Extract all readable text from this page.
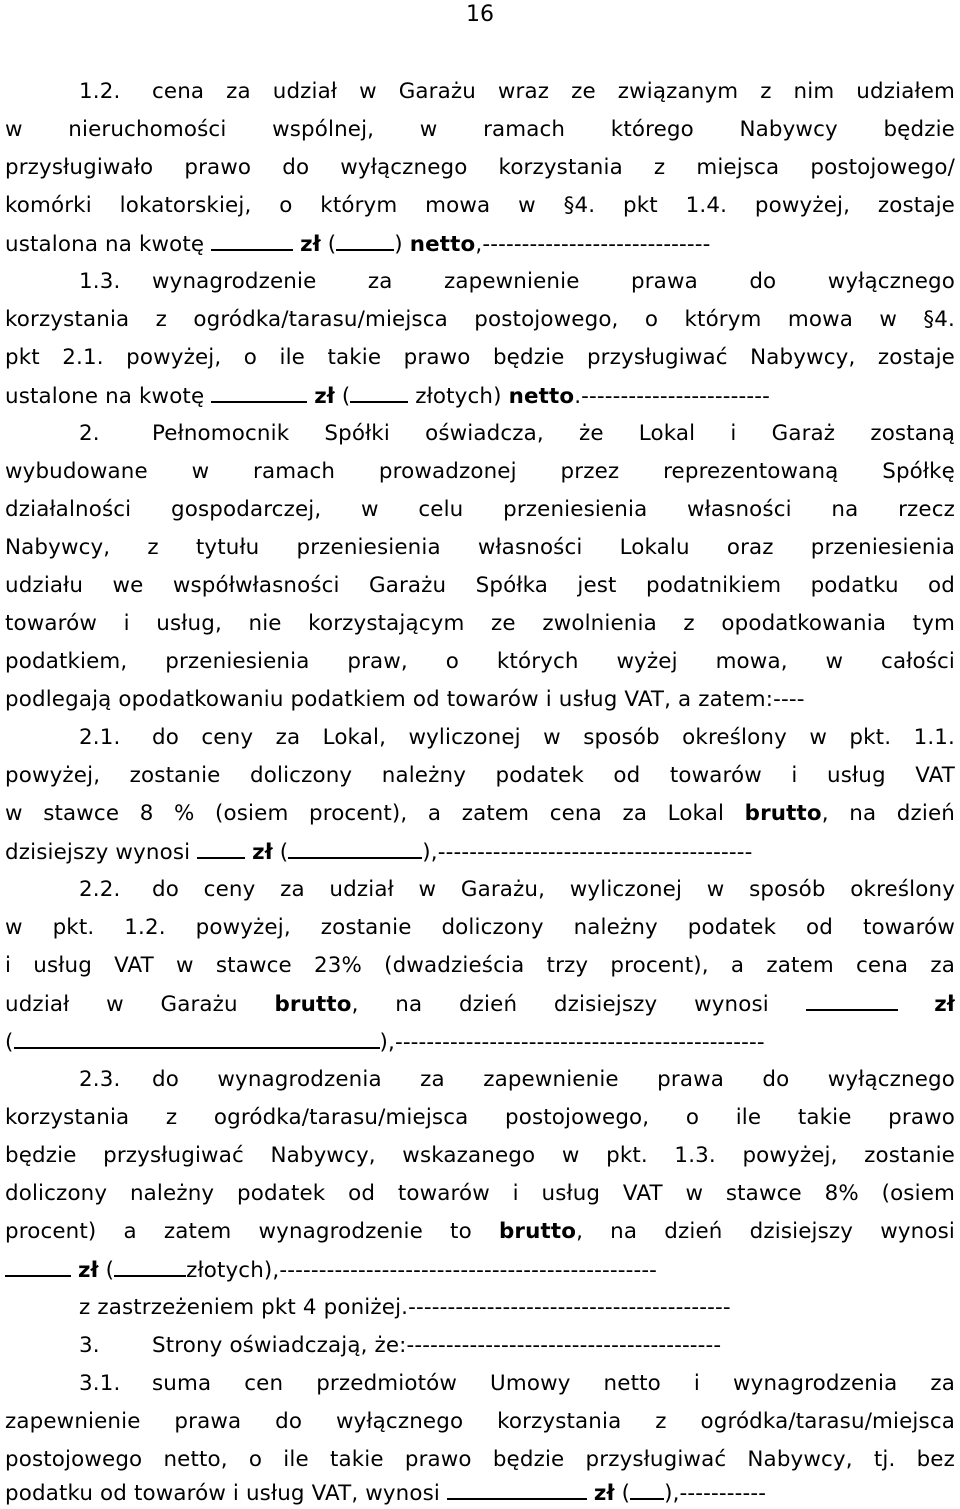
16
1.2. cena za udział w Garażu wraz ze związanym z nim udziałem
w nieruchomości wspólnej, w ramach którego Nabywcy będzie
przysługiwało prawo do wyłącznego korzystania z miejsca postojowego/
komórki lokatorskiej, o którym mowa w §4. pkt 1.4. powyżej, zostaje
ustalona na kwotę	zł (	) netto,-----------------------------
1.3. wynagrodzenie za zapewnienie prawa do wyłącznego
korzystania z ogródka/tarasu/miejsca postojowego, o którym mowa w §4.
pkt 2.1. powyżej, o ile takie prawo będzie przysługiwać Nabywcy, zostaje
ustalone na kwotę	zł (	złotych) netto.------------------------
2. Pełnomocnik Spółki oświadcza, że Lokal i Garaż zostaną
wybudowane w ramach prowadzonej przez reprezentowaną Spółkę
działalności gospodarczej, w celu przeniesienia własności na rzecz
Nabywcy, z tytułu przeniesienia własności Lokalu oraz przeniesienia
udziału we współwłasności Garażu Spółka jest podatnikiem podatku od
towarów i usług, nie korzystającym ze zwolnienia z opodatkowania tym
podatkiem, przeniesienia praw, o których wyżej mowa, w całości
podlegają opodatkowaniu podatkiem od towarów i usług VAT, a zatem:----
2.1. do ceny za Lokal, wyliczonej w sposób określony w pkt. 1.1.
powyżej, zostanie doliczony należny podatek od towarów i usług VAT
w stawce 8 % (osiem procent), a zatem cena za Lokal brutto, na dzień
dzisiejszy wynosi	zł (	),----------------------------------------
2.2. do ceny za udział w Garażu, wyliczonej w sposób określony
w pkt. 1.2. powyżej, zostanie doliczony należny podatek od towarów
i usług VAT w stawce 23% (dwadzieścia trzy procent), a zatem cena za
udział w Garażu brutto, na dzień dzisiejszy wynosi	zł
(	),-----------------------------------------------
2.3. do wynagrodzenia za zapewnienie prawa do wyłącznego
korzystania z ogródka/tarasu/miejsca postojowego, o ile takie prawo
będzie przysługiwać Nabywcy, wskazanego w pkt. 1.3. powyżej, zostanie
doliczony należny podatek od towarów i usług VAT w stawce 8% (osiem
procent) a zatem wynagrodzenie to brutto, na dzień dzisiejszy wynosi
zł (	złotych),------------------------------------------------
z zastrzeżeniem pkt 4 poniżej.-----------------------------------------
3. Strony oświadczają, że:----------------------------------------
3.1. suma cen przedmiotów Umowy netto i wynagrodzenia za
zapewnienie prawa do wyłącznego korzystania z ogródka/tarasu/miejsca
postojowego netto, o ile takie prawo będzie przysługiwać Nabywcy, tj. bez
podatku od towarów i usług VAT, wynosi	zł ( ),-----------
